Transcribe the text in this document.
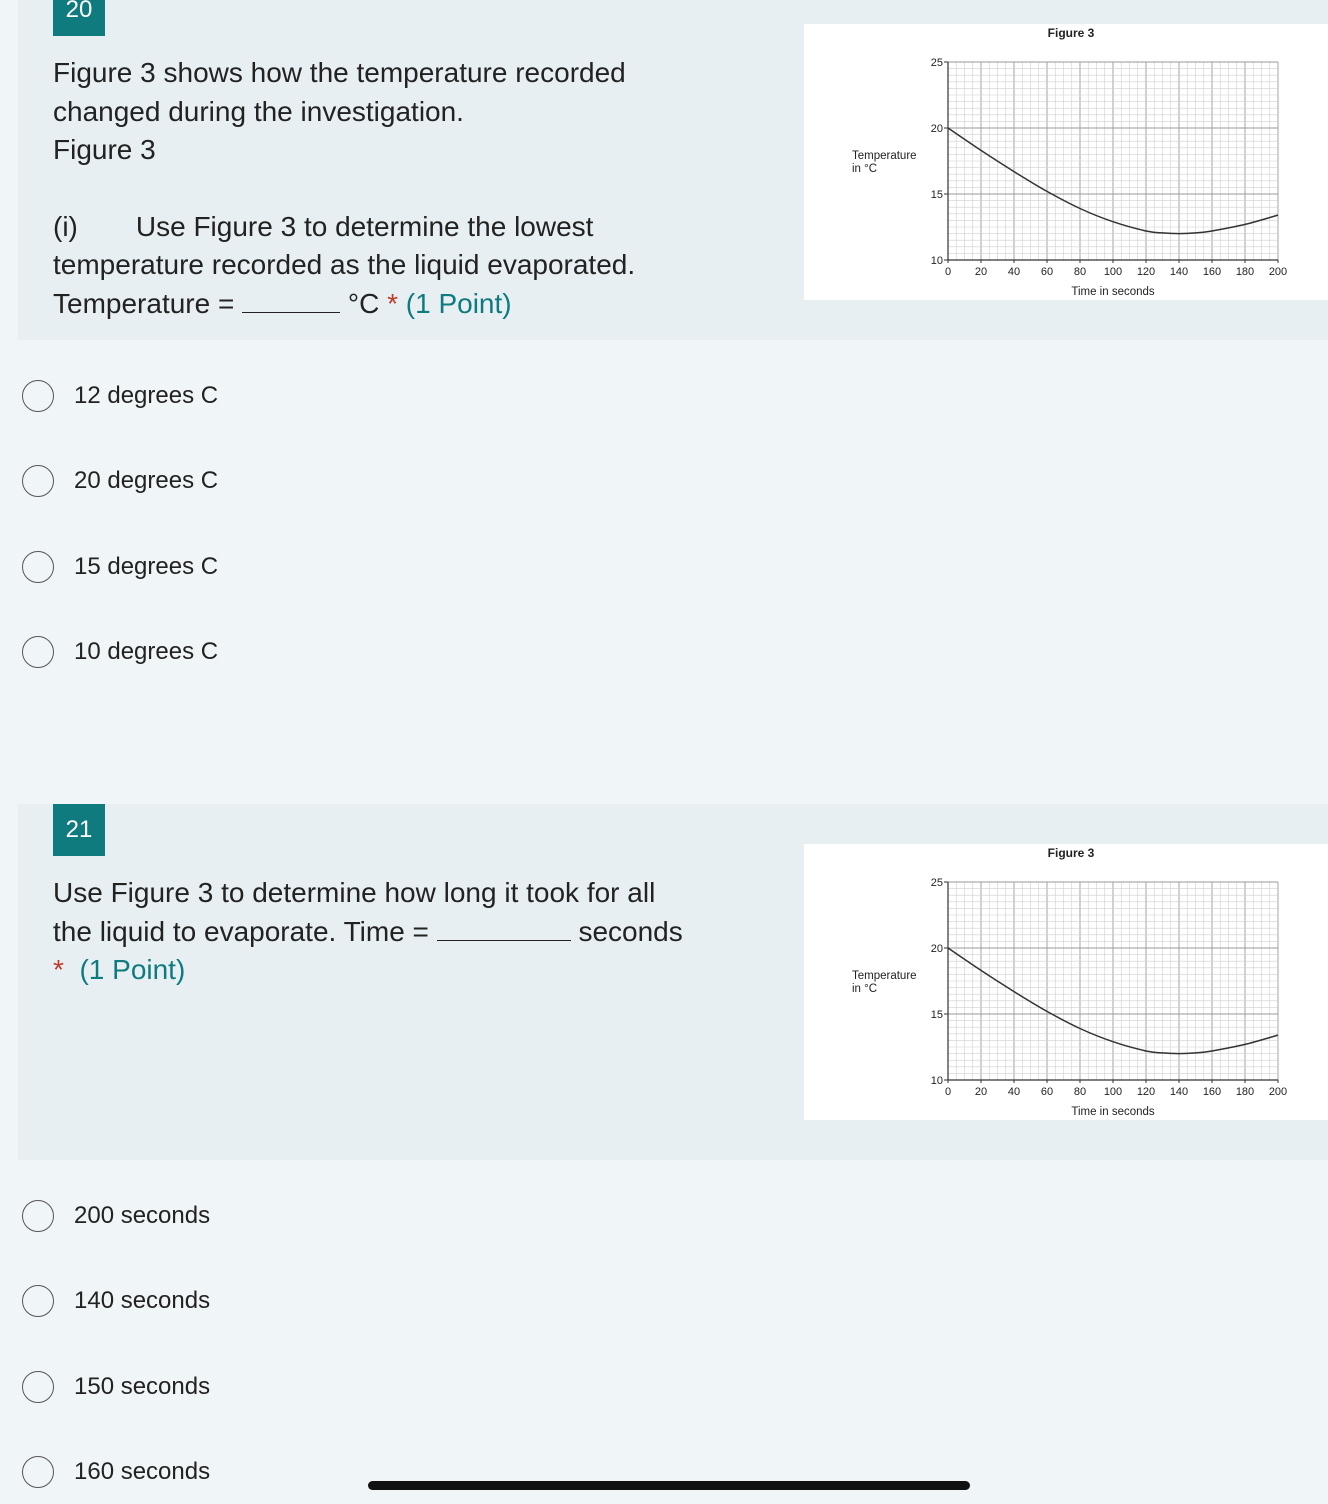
20
Figure 3 shows how the temperature recorded
changed during the investigation.
Figure 3
(i) Use Figure 3 to determine the lowest
temperature recorded as the liquid evaporated.
Temperature =	°C * (1 Point)
0 20 40 60 80 100 120 140 160 180 200
10
15
20
25
Figure 3
Time in seconds
Temperature
in °C
12 degrees C
20 degrees C
15 degrees C
10 degrees C
21
Use Figure 3 to determine how long it took for all
the liquid to evaporate. Time =	seconds
* (1 Point)
0 20 40 60 80 100 120 140 160 180 200
10
15
20
25
Figure 3
Time in seconds
Temperature
in °C
200 seconds
140 seconds
150 seconds
160 seconds
